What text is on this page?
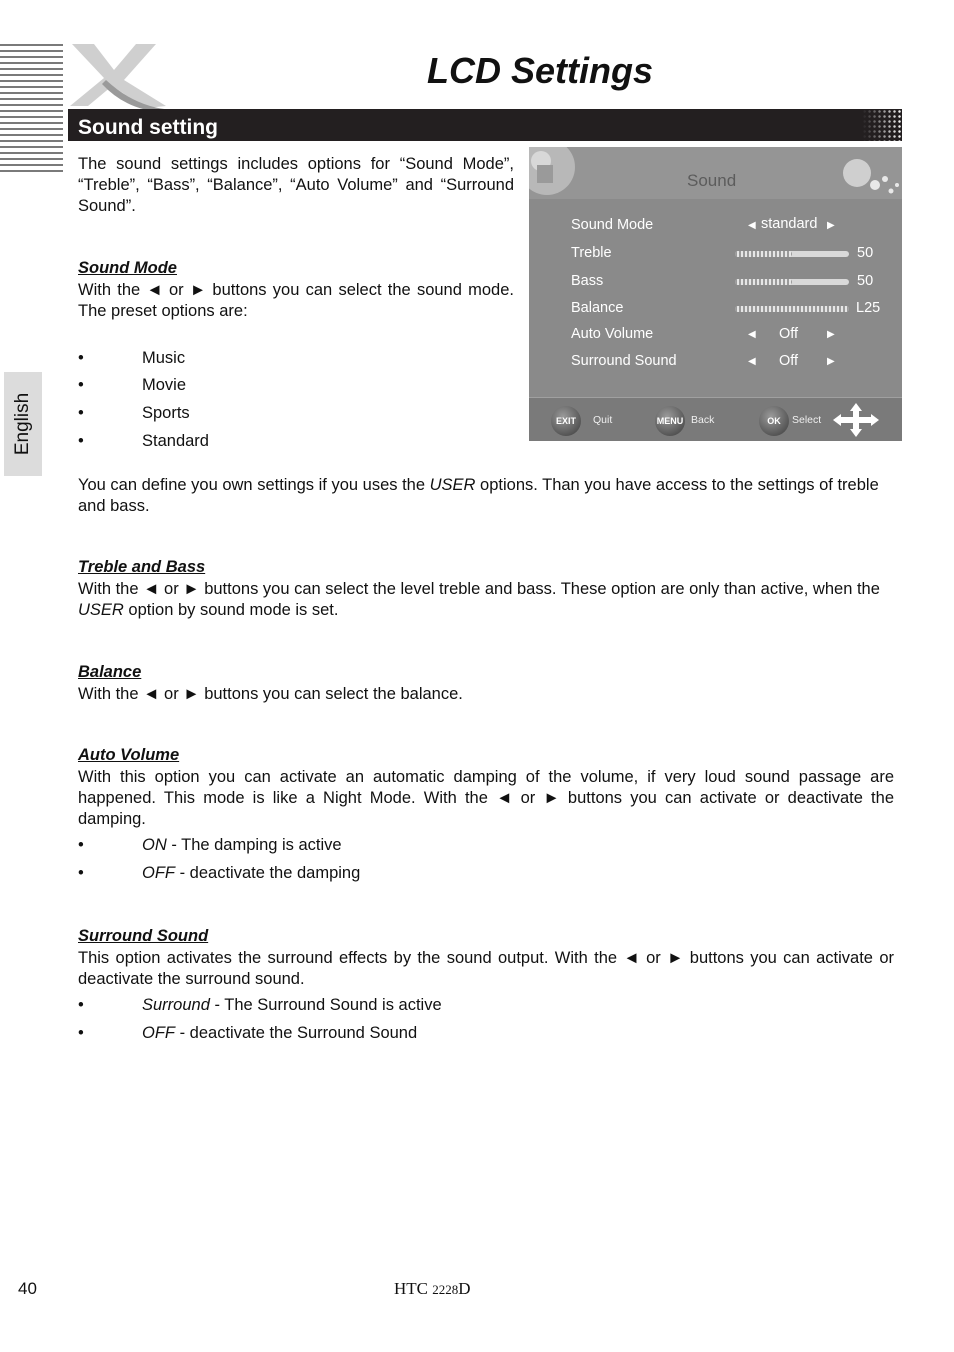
LCD Settings
Sound setting
English

The sound settings includes options for “Sound Mode”, “Treble”, “Bass”, “Balance”, “Auto Volume” and “Surround Sound”.

Sound Mode

With the ◄ or ► buttons you can select the sound mode. The preset options are:

•	Music
•	Movie
•	Sports
•	Standard

You can define you own settings if you uses the USER options. Than you have access to the settings of treble and bass.

Treble and Bass

With the ◄ or ► buttons you can select the level treble and bass. These option are only than active, when the USER option by sound mode is set.

Balance

With the ◄ or ► buttons you can select the balance.

Auto Volume

With this option you can activate an automatic damping of the volume, if very loud sound passage are happened. This mode is like a Night Mode. With the ◄ or ► buttons you can activate or deactivate the damping.

•	ON - The damping is active
•	OFF - deactivate the damping
Surround Sound

This option activates the surround effects by the sound output. With the ◄ or ► buttons you can activate or deactivate the surround sound.

•	Surround - The Surround Sound is active
•	OFF - deactivate the Surround Sound
Sound
Sound Mode	◀ standard ▶
Treble	50
Bass	50
Balance	L25
Auto Volume	◀ Off	▶
Surround Sound	◀ Off	▶
EXIT	Quit	MENU Back	OK	Select
40	HTC 2228D
